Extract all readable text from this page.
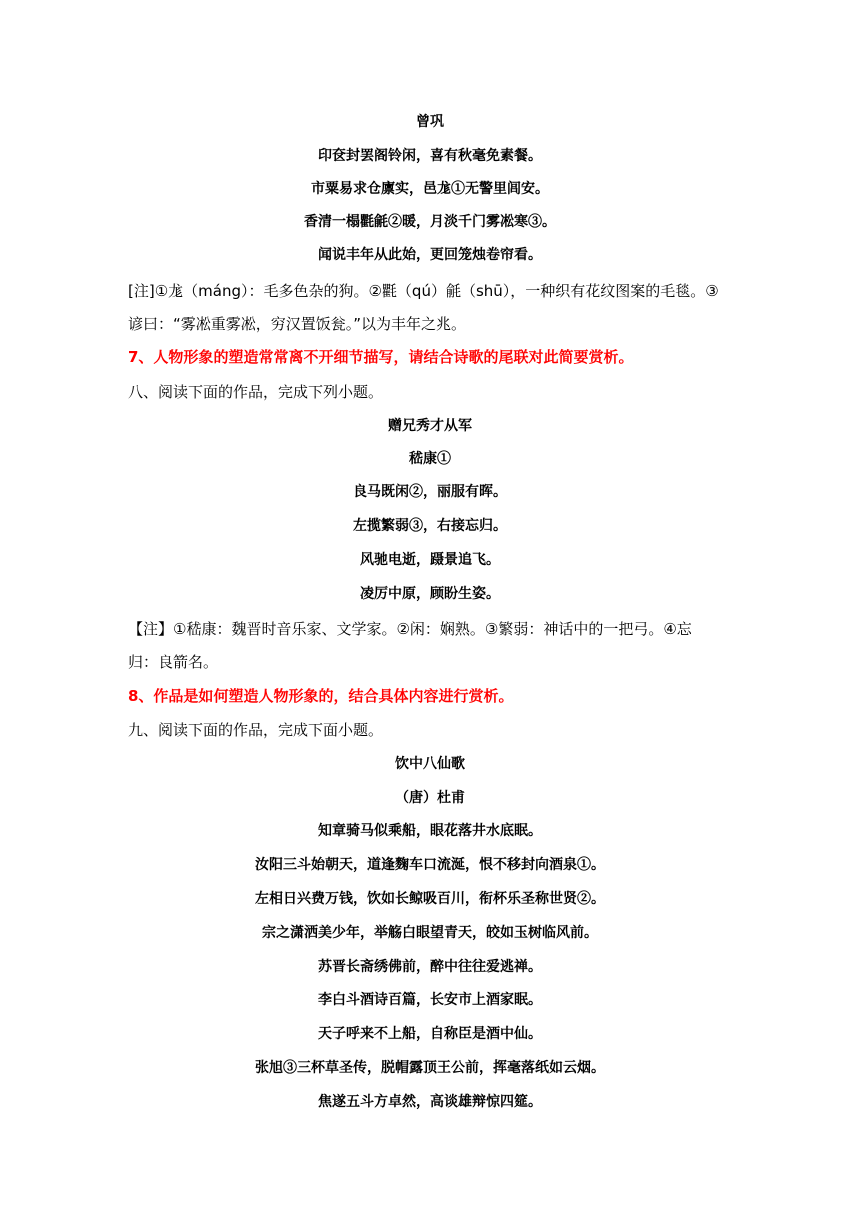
曾巩
印奁封罢阁铃闲，喜有秋毫免素餐。
市粟易求仓廪实，邑尨①无警里闾安。
香清一榻氍毹②暖，月淡千门雾凇寒③。
闻说丰年从此始，更回笼烛卷帘看。
[注]①尨（máng）：毛多色杂的狗。②氍（qú）毹（shū），一种织有花纹图案的毛毯。③
谚曰：“雾凇重雾凇，穷汉置饭瓮。”以为丰年之兆。
7、人物形象的塑造常常离不开细节描写，请结合诗歌的尾联对此简要赏析。
八、阅读下面的作品，完成下列小题。
赠兄秀才从军
嵇康①
良马既闲②，丽服有晖。
左揽繁弱③，右接忘归。
风驰电逝，蹑景追飞。
凌厉中原，顾盼生姿。
【注】①嵇康：魏晋时音乐家、文学家。②闲：娴熟。③繁弱：神话中的一把弓。④忘
归：良箭名。
8、作品是如何塑造人物形象的，结合具体内容进行赏析。
九、阅读下面的作品，完成下面小题。
饮中八仙歌
（唐）杜甫
知章骑马似乘船，眼花落井水底眠。
汝阳三斗始朝天，道逢麴车口流涎，恨不移封向酒泉①。
左相日兴费万钱，饮如长鲸吸百川，衔杯乐圣称世贤②。
宗之潇洒美少年，举觞白眼望青天，皎如玉树临风前。
苏晋长斋绣佛前，醉中往往爱逃禅。
李白斗酒诗百篇，长安市上酒家眠。
天子呼来不上船，自称臣是酒中仙。
张旭③三杯草圣传，脱帽露顶王公前，挥毫落纸如云烟。
焦遂五斗方卓然，高谈雄辩惊四筵。
